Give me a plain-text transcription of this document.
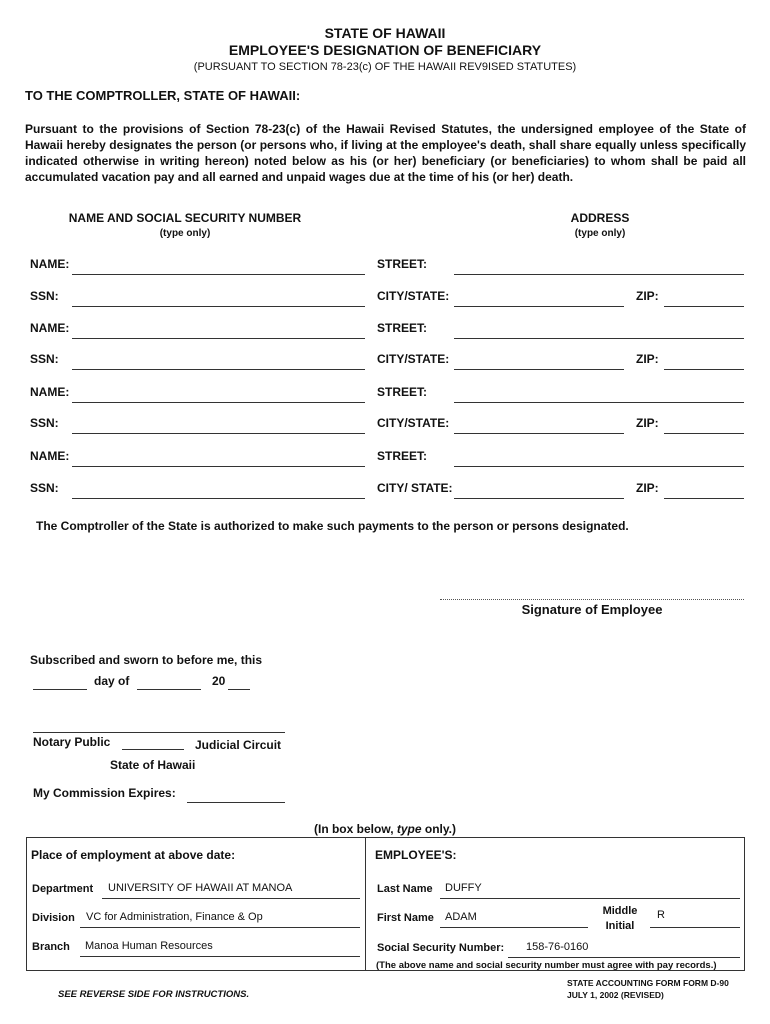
STATE OF HAWAII
EMPLOYEE'S DESIGNATION OF BENEFICIARY
(PURSUANT TO SECTION 78-23(c) OF THE HAWAII REV9ISED STATUTES)
TO THE COMPTROLLER, STATE OF HAWAII:
Pursuant to the provisions of Section 78-23(c) of the Hawaii Revised Statutes, the undersigned employee of the State of Hawaii hereby designates the person (or persons who, if living at the employee's death, shall share equally unless specifically indicated otherwise in writing hereon) noted below as his (or her) beneficiary (or beneficiaries) to whom shall be paid all accumulated vacation pay and all earned and unpaid wages due at the time of his (or her) death.
NAME AND SOCIAL SECURITY NUMBER
(type only)
ADDRESS
(type only)
NAME:	STREET:
SSN:	CITY/STATE:	ZIP:
NAME:	STREET:
SSN:	CITY/STATE:	ZIP:
NAME:	STREET:
SSN:	CITY/STATE:	ZIP:
NAME:	STREET:
SSN:	CITY/ STATE:	ZIP:
The Comptroller of the State is authorized to make such payments to the person or persons designated.
Signature of Employee
Subscribed and sworn to before me, this
day of	20
Notary Public	Judicial Circuit
State of Hawaii
My Commission Expires:
(In box below, type only.)
Place of employment at above date:
Department UNIVERSITY OF HAWAII AT MANOA
Division VC for Administration, Finance & Op
Branch Manoa Human Resources
EMPLOYEE'S:
Last Name DUFFY
First Name ADAM	Middle
Initial
R
Social Security Number: 158-76-0160
(The above name and social security number must agree with pay records.)
SEE REVERSE SIDE FOR INSTRUCTIONS.
STATE ACCOUNTING FORM FORM D-90
JULY 1, 2002 (REVISED)
